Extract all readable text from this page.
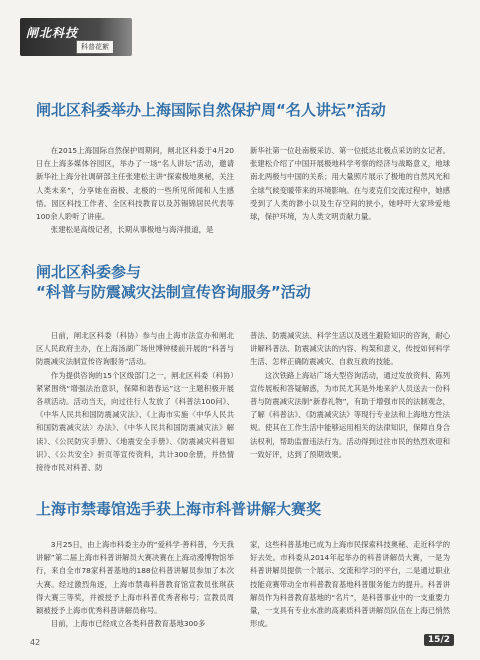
闸北科技
科普花絮
闸北区科委举办上海国际自然保护周“名人讲坛”活动

在2015上海国际自然保护周期间，闸北区科委于4月20日在上海多媒体谷园区，举办了一场“名人讲坛”活动，邀请新华社上海分社调研部主任张建松主讲“探索极地奥秘，关注人类未来”，分享她在南极、北极的一些所见所闻和人生感悟。园区科技工作者、全区科技教育以及苏锡锦居民代表等100余人聆听了讲座。

张建松是高级记者，长期从事极地与海洋报道，是

新华社第一位赴南极采访、第一位抵达北极点采访的女记者。张建松介绍了中国开展极地科学考察的经济与战略意义，地球南北两极与中国的关系；用大量照片展示了极地的自然风光和全球气候变暖带来的环境影响。在与麦克们交流过程中，她感受到了人类的渺小以及生存空间的狭小，她呼吁大家珍爱地球，保护环境，为人类文明贡献力量。

闸北区科委参与
“科普与防震减灾法制宣传咨询服务”活动

日前，闸北区科委（科协）参与由上海市法宣办和闸北区人民政府主办，在上海汤湖广场世博钟楼前开展的“科普与防震减灾法制宣传咨询服务”活动。

作为提供咨询的15个区级部门之一，闸北区科委（科协）紧紧围绕“增强法治意识，保障和谐春运”这一主题积极开展各项活动。活动当天，向过往行人发放了《科普法100问》、《中华人民共和国防震减灾法》、《上海市实施〈中华人民共和国防震减灾法〉办法》、《中华人民共和国防震减灾法》解读》、《公民防灾手册》、《地震安全手册》、《防震减灾科普知识》、《公共安全》折页等宣传资料，共计300余册，并热情接待市民对科普、防

普法、防震减灾法、科学生活以及逃生避险知识的咨询，耐心讲解科普法、防震减灾法的内容、构架和意义，传授如何科学生活、怎样正确防震减灾、自救互救的技能。

这次铁路上海站广场大型咨询活动，通过发放资料、陈列宣传展板和答疑解惑，为市民尤其是外地来沪人员送去一份科普与防震减灾法制“新春礼物”，有助于增强市民的法制观念，了解《科普法》、《防震减灾法》等现行专业法和上海地方性法规。使其在工作生活中能够运用相关的法律知识，保障自身合法权利，帮助监督违法行为。活动得到过往市民的热烈欢迎和一致好评，达到了预期效果。

上海市禁毒馆选手获上海市科普讲解大赛奖

3月25日，由上海市科委主办的“爱科学·善科普，今天我讲解”第二届上海市科普讲解员大赛决赛在上海动漫博物馆举行，来自全市78家科普基地的188位科普讲解员参加了本次大赛。经过激烈角逐，上海市禁毒科普教育馆宣教员张琪获得大赛三等奖，并被授予上海市科普优秀者称号；宣教员周颖被授予上海市优秀科普讲解员称号。

目前，上海市已经成立各类科普教育基地300多

家，这些科普基地已成为上海市民探索科技奥秘、走近科学的好去处。市科委从2014年起举办的科普讲解员大赛，一是为科普讲解员提供一个展示、交流和学习的平台，二是通过职业技能竞赛带动全市科普教育基地科普服务能力的提升。科普讲解员作为科普教育基地的“名片”，是科普事业中的一支重要力量，一支具有专业水准的高素质科普讲解员队伍在上海已悄然形成。

42	15/2
